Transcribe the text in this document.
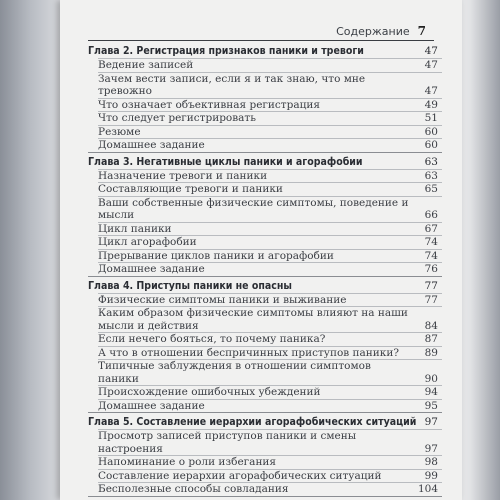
Содержание 7
Глава 2. Регистрация признаков паники и тревоги	47
Ведение записей	47
Зачем вести записи, если я и так знаю, что мне тревожно	47
Что означает объективная регистрация	49
Что следует регистрировать	51
Резюме	60
Домашнее задание	60
Глава 3. Негативные циклы паники и агорафобии	63
Назначение тревоги и паники	63
Составляющие тревоги и паники	65
Ваши собственные физические симптомы, поведение и мысли	66
Цикл паники	67
Цикл агорафобии	74
Прерывание циклов паники и агорафобии	74
Домашнее задание	76
Глава 4. Приступы паники не опасны	77
Физические симптомы паники и выживание	77
Каким образом физические симптомы влияют на наши мысли и действия	84
Если нечего бояться, то почему паника?	87
А что в отношении беспричинных приступов паники?	89
Типичные заблуждения в отношении симптомов паники	90
Происхождение ошибочных убеждений	94
Домашнее задание	95
Глава 5. Составление иерархии агорафобических ситуаций 97
Просмотр записей приступов паники и смены настроения	97
Напоминание о роли избегания	98
Составление иерархии агорафобических ситуаций	99
Бесполезные способы совладания	104
